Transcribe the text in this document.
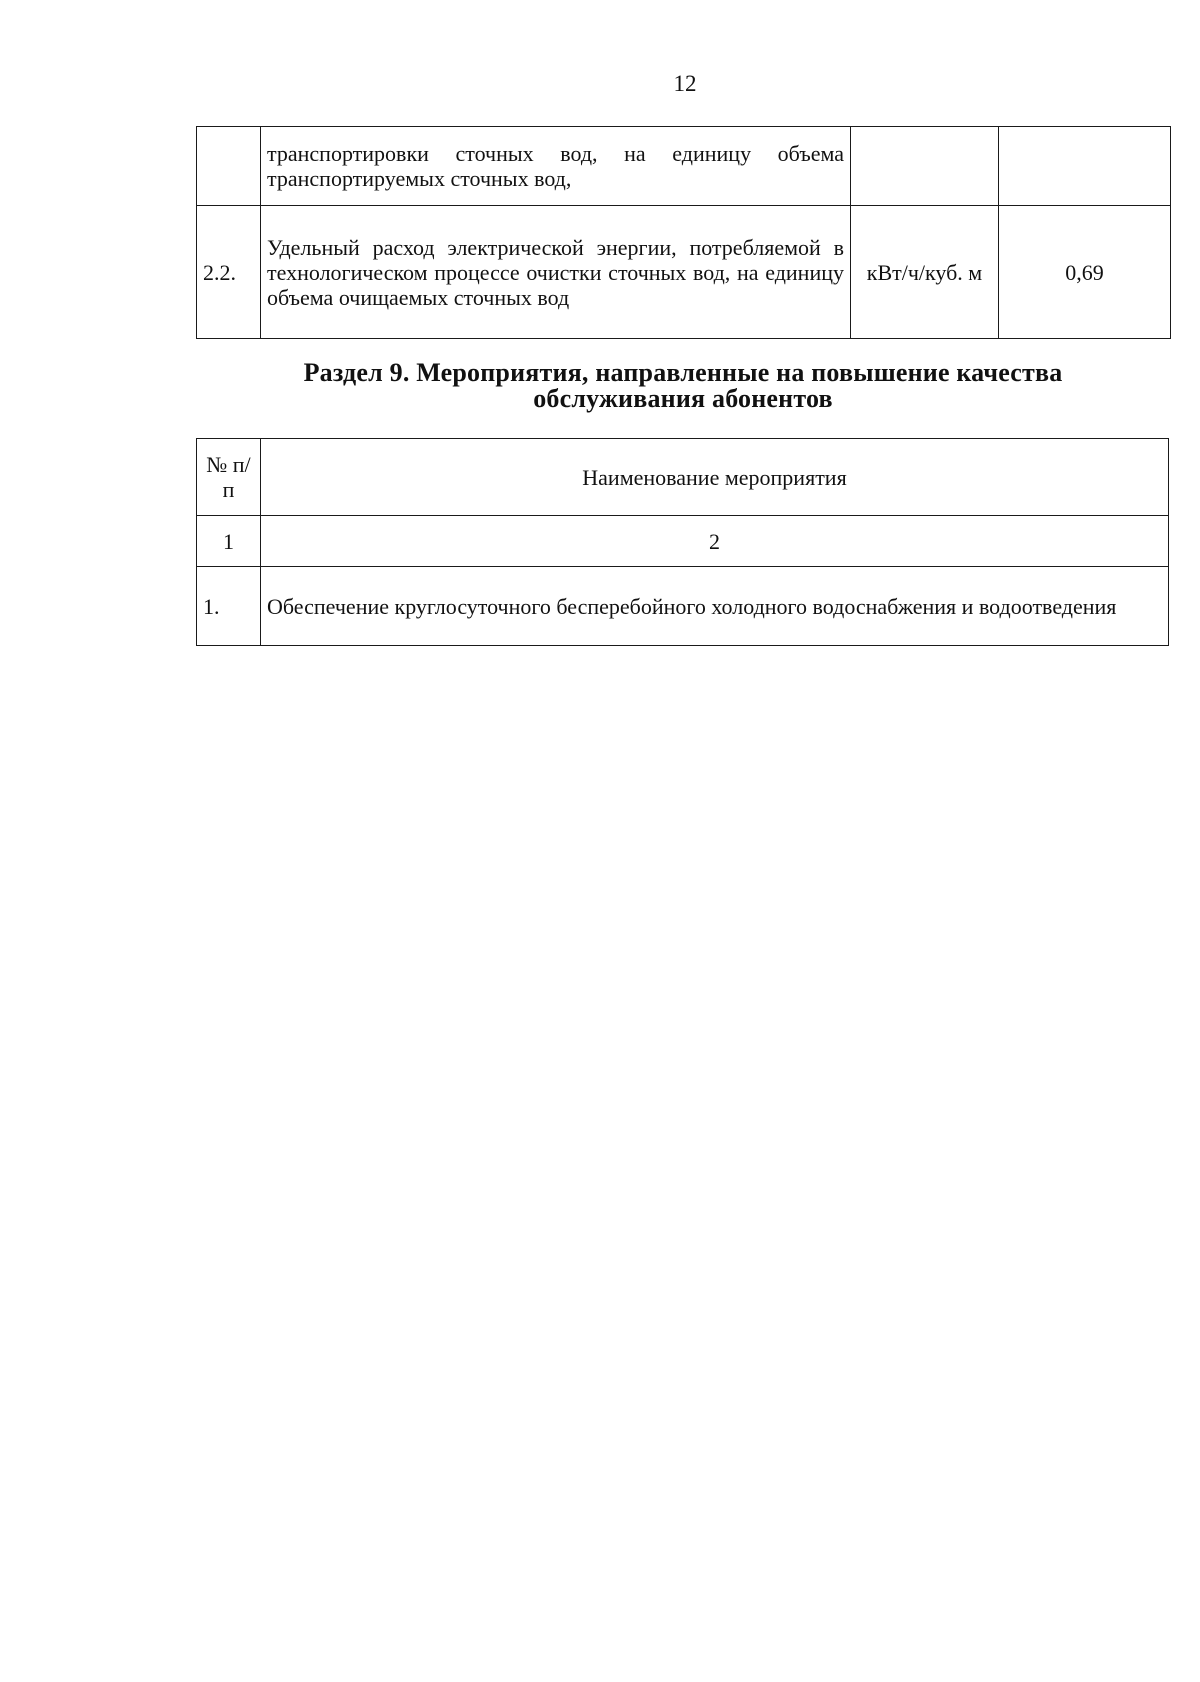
12
	транспортировки сточных вод, на единицу объема транспортируемых сточных вод,		
2.2.	Удельный расход электрической энергии, потребляемой в технологическом процессе очистки сточных вод, на единицу объема очищаемых сточных вод	кВт/ч/куб. м	0,69
Раздел 9. Мероприятия, направленные на повышение качества
обслуживания абонентов
№ п/п	Наименование мероприятия
1	2
1.	Обеспечение круглосуточного бесперебойного холодного водоснабжения и водоотведения
